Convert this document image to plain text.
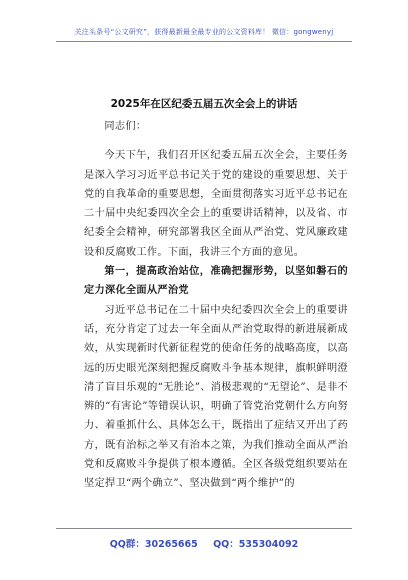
关注头条号“公文研究”，获得最新最全最专业的公文资料库！ 微信：gongwenyj
2025年在区纪委五届五次全会上的讲话

同志们：

今天下午，我们召开区纪委五届五次全会，主要任务是深入学习习近平总书记关于党的建设的重要思想、关于党的自我革命的重要思想，全面贯彻落实习近平总书记在二十届中央纪委四次全会上的重要讲话精神，以及省、市纪委全会精神，研究部署我区全面从严治党、党风廉政建设和反腐败工作。下面，我讲三个方面的意见。

第一，提高政治站位，准确把握形势，以坚如磐石的定力深化全面从严治党

习近平总书记在二十届中央纪委四次全会上的重要讲话，充分肯定了过去一年全面从严治党取得的新进展新成效，从实现新时代新征程党的使命任务的战略高度，以高远的历史眼光深刻把握反腐败斗争基本规律，旗帜鲜明澄清了盲目乐观的“无胜论”、消极悲观的“无望论”、是非不辨的“有害论”等错误认识，明确了管党治党朝什么方向努力、着重抓什么、具体怎么干，既指出了症结又开出了药方，既有治标之举又有治本之策，为我们推动全面从严治党和反腐败斗争提供了根本遵循。全区各级党组织要站在坚定捍卫“两个确立”、坚决做到“两个维护”的

QQ群：30265665 QQ：535304092
